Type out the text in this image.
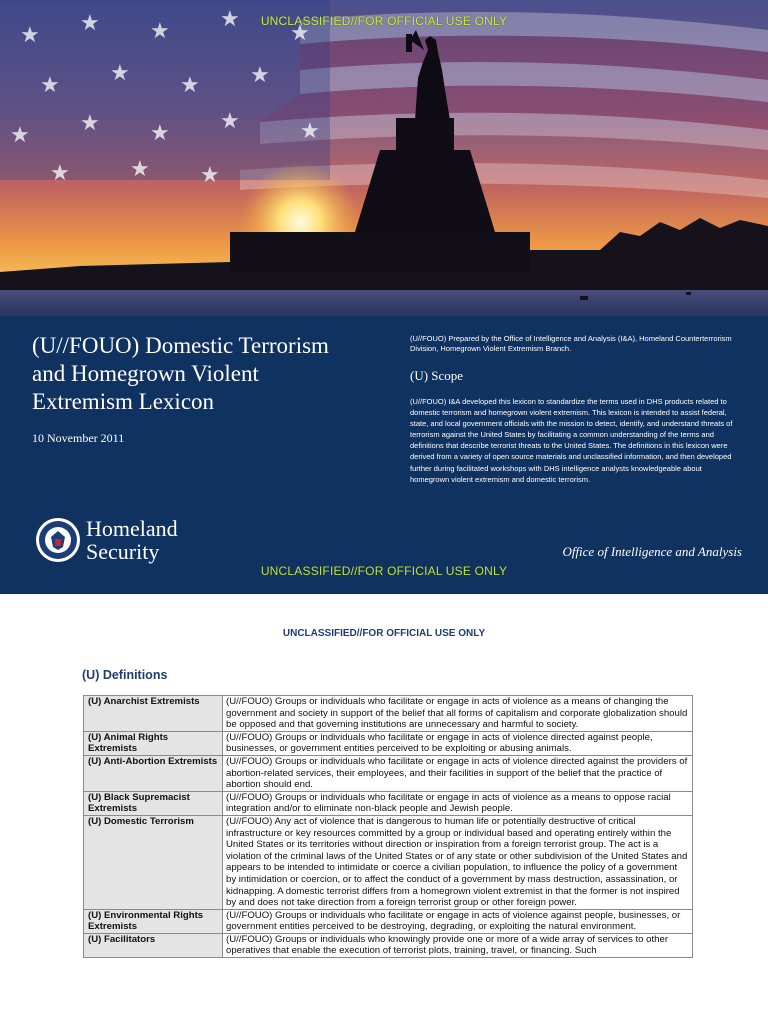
★ ★ ★ ★
★
★ ★ ★ ★
★ ★ ★ ★	★
★	★ ★
UNCLASSIFIED//FOR OFFICIAL USE ONLY
(U//FOUO) Domestic Terrorism and Homegrown Violent Extremism Lexicon
10 November 2011
(U//FOUO) Prepared by the Office of Intelligence and Analysis (I&A), Homeland Counterterrorism Division, Homegrown Violent Extremism Branch.
(U) Scope
(U//FOUO) I&A developed this lexicon to standardize the terms used in DHS products related to domestic terrorism and homegrown violent extremism. This lexicon is intended to assist federal, state, and local government officials with the mission to detect, identify, and understand threats of terrorism against the United States by facilitating a common understanding of the terms and definitions that describe terrorist threats to the United States. The definitions in this lexicon were derived from a variety of open source materials and unclassified information, and then developed further during facilitated workshops with DHS intelligence analysts knowledgeable about homegrown violent extremism and domestic terrorism.
Homeland
Security	Office of Intelligence and Analysis
UNCLASSIFIED//FOR OFFICIAL USE ONLY
UNCLASSIFIED//FOR OFFICIAL USE ONLY
(U) Definitions
(U) Anarchist Extremists	(U//FOUO) Groups or individuals who facilitate or engage in acts of violence as a means of changing the government and society in support of the belief that all forms of capitalism and corporate globalization should be opposed and that governing institutions are unnecessary and harmful to society.
(U) Animal Rights Extremists	(U//FOUO) Groups or individuals who facilitate or engage in acts of violence directed against people, businesses, or government entities perceived to be exploiting or abusing animals.
(U) Anti-Abortion Extremists	(U//FOUO) Groups or individuals who facilitate or engage in acts of violence directed against the providers of abortion-related services, their employees, and their facilities in support of the belief that the practice of abortion should end.
(U) Black Supremacist Extremists	(U//FOUO) Groups or individuals who facilitate or engage in acts of violence as a means to oppose racial integration and/or to eliminate non-black people and Jewish people.
(U) Domestic Terrorism	(U//FOUO) Any act of violence that is dangerous to human life or potentially destructive of critical infrastructure or key resources committed by a group or individual based and operating entirely within the United States or its territories without direction or inspiration from a foreign terrorist group. The act is a violation of the criminal laws of the United States or of any state or other subdivision of the United States and appears to be intended to intimidate or coerce a civilian population, to influence the policy of a government by intimidation or coercion, or to affect the conduct of a government by mass destruction, assassination, or kidnapping. A domestic terrorist differs from a homegrown violent extremist in that the former is not inspired by and does not take direction from a foreign terrorist group or other foreign power.
(U) Environmental Rights Extremists	(U//FOUO) Groups or individuals who facilitate or engage in acts of violence against people, businesses, or government entities perceived to be destroying, degrading, or exploiting the natural environment.
(U) Facilitators	(U//FOUO) Groups or individuals who knowingly provide one or more of a wide array of services to other operatives that enable the execution of terrorist plots, training, travel, or financing. Such
